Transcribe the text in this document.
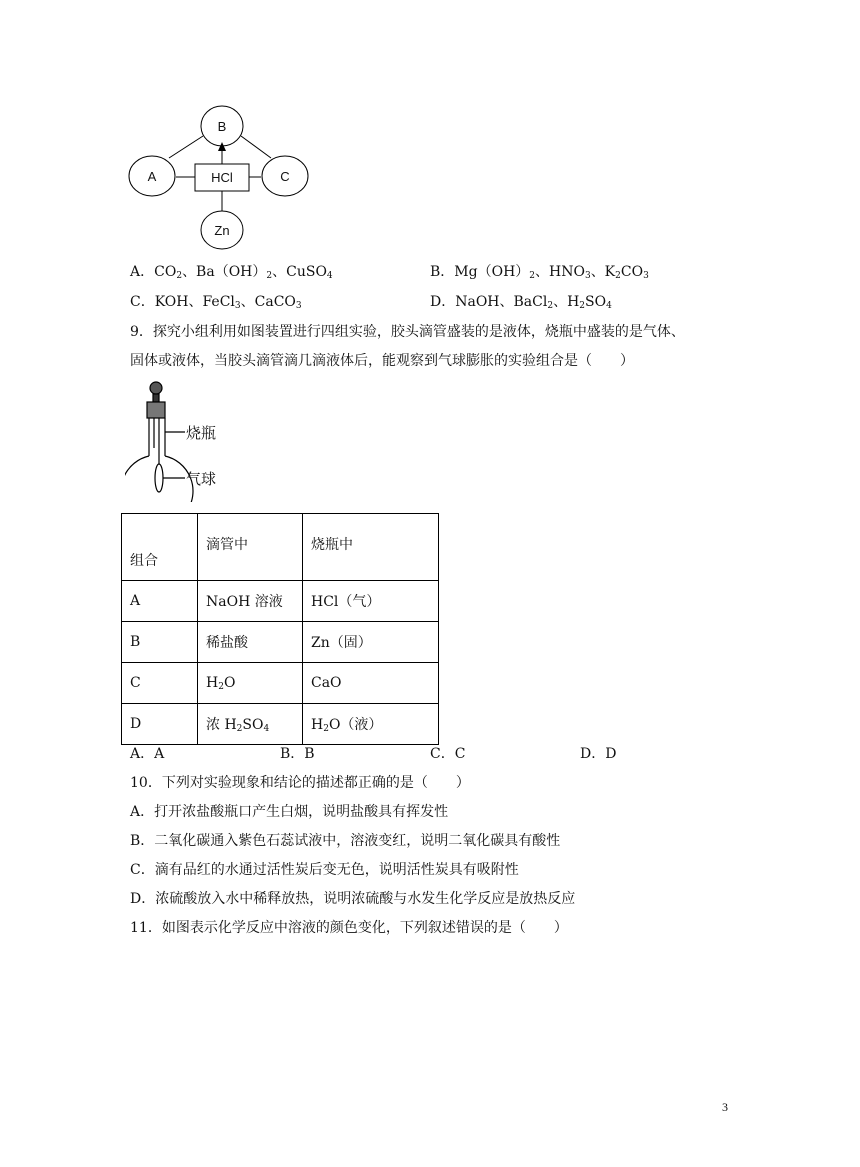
B
A	C
Zn
HCl
A．$CO_2$、$Ba(OH)_2$、CuSO$_4$	B．$Mg(OH)_2$、$HNO_3$、$K_2CO_3$
C．KOH、FeCl$_3$、CaCO$_3$	D．NaOH、BaCl$_2$、$H_2SO_4$
9．探究小组利用如图装置进行四组实验，胶头滴管盛装的是液体，烧瓶中盛装的是气体、
固体或液体，当胶头滴管滴几滴液体后，能观察到气球膨胀的实验组合是（　　）
烧瓶
气球
组合	滴管中	烧瓶中
A	NaOH 溶液	HCl（气）
B	稀盐酸	Zn（固）
C	$H_2O$	CaO
D	浓 $H_2SO_4$	$H_2O$（液）
A．A	B．B	C．C	D．D
10．下列对实验现象和结论的描述都正确的是（　　）
A．打开浓盐酸瓶口产生白烟，说明盐酸具有挥发性
B．二氧化碳通入紫色石蕊试液中，溶液变红，说明二氧化碳具有酸性
C．滴有品红的水通过活性炭后变无色，说明活性炭具有吸附性
D．浓硫酸放入水中稀释放热，说明浓硫酸与水发生化学反应是放热反应
11．如图表示化学反应中溶液的颜色变化，下列叙述错误的是（　　）
3
